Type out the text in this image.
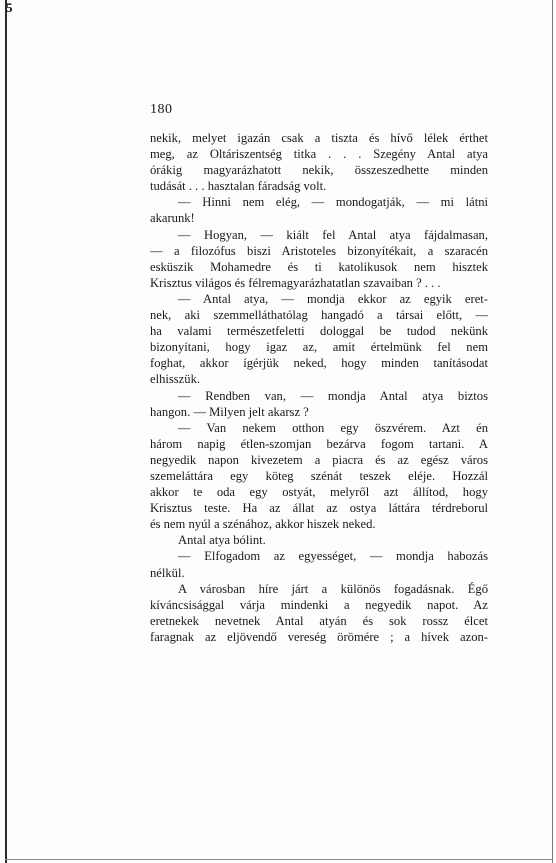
5
180
nekik, melyet igazán csak a tiszta és hívő lélek érthet
meg, az Oltáriszentség titka . . . Szegény Antal atya
órákig magyarázhatott nekik, összeszedhette minden
tudását . . . hasztalan fáradság volt.
— Hinni nem elég, — mondogatják, — mi látni
akarunk!
— Hogyan, — kiált fel Antal atya fájdalmasan,
— a filozófus biszi Aristoteles bizonyítékait, a szaracén
esküszik Mohamedre és ti katolikusok nem hisztek
Krisztus világos és félremagyarázhatatlan szavaiban ? . . .
— Antal atya, — mondja ekkor az egyik eret-
nek, aki szemmelláthatólag hangadó a társai előtt, —
ha valami természetfeletti dologgal be tudod nekünk
bizonyítani, hogy igaz az, amit értelmünk fel nem
foghat, akkor ígérjük neked, hogy minden tanításodat
elhisszük.
— Rendben van, — mondja Antal atya biztos
hangon. — Milyen jelt akarsz ?
— Van nekem otthon egy öszvérem. Azt én
három napig étlen-szomjan bezárva fogom tartani. A
negyedik napon kivezetem a piacra és az egész város
szemeláttára egy köteg szénát teszek eléje. Hozzál
akkor te oda egy ostyát, melyről azt állítod, hogy
Krisztus teste. Ha az állat az ostya láttára térdreborul
és nem nyúl a szénához, akkor hiszek neked.
Antal atya bólint.
— Elfogadom az egyességet, — mondja habozás
nélkül.
A városban híre járt a különös fogadásnak. Égő
kíváncsisággal várja mindenki a negyedik napot. Az
eretnekek nevetnek Antal atyán és sok rossz élcet
faragnak az eljövendő vereség örömére ; a hívek azon-
